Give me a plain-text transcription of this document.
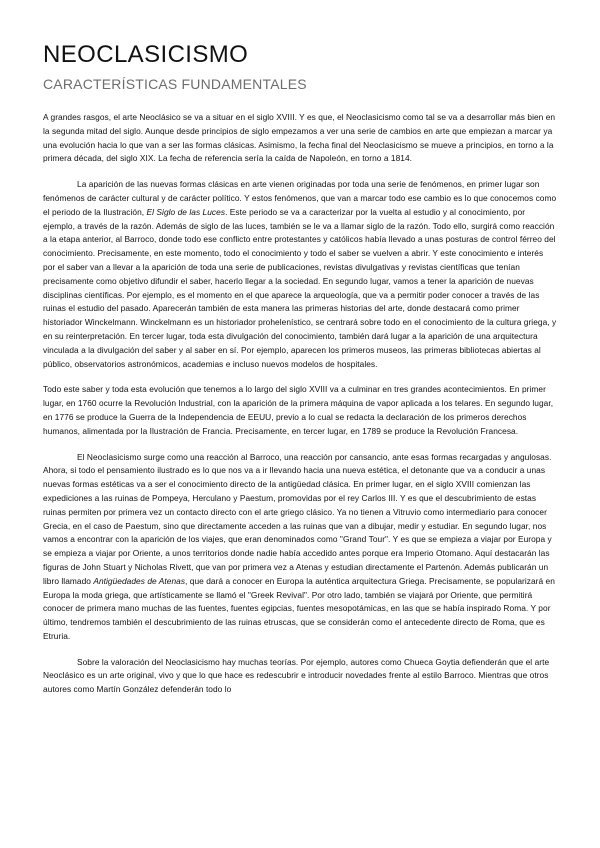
NEOCLASICISMO
CARACTERÍSTICAS FUNDAMENTALES

A grandes rasgos, el arte Neoclásico se va a situar en el siglo XVIII. Y es que, el Neoclasicismo como tal se va a desarrollar más bien en la segunda mitad del siglo. Aunque desde principios de siglo empezamos a ver una serie de cambios en arte que empiezan a marcar ya una evolución hacia lo que van a ser las formas clásicas. Asimismo, la fecha final del Neoclasicismo se mueve a principios, en torno a la primera década, del siglo XIX. La fecha de referencia sería la caída de Napoleón, en torno a 1814.

La aparición de las nuevas formas clásicas en arte vienen originadas por toda una serie de fenómenos, en primer lugar son fenómenos de carácter cultural y de carácter político. Y estos fenómenos, que van a marcar todo ese cambio es lo que conocemos como el periodo de la Ilustración, El Siglo de las Luces. Este periodo se va a caracterizar por la vuelta al estudio y al conocimiento, por ejemplo, a través de la razón. Además de siglo de las luces, también se le va a llamar siglo de la razón. Todo ello, surgirá como reacción a la etapa anterior, al Barroco, donde todo ese conflicto entre protestantes y católicos había llevado a unas posturas de control férreo del conocimiento. Precisamente, en este momento, todo el conocimiento y todo el saber se vuelven a abrir. Y este conocimiento e interés por el saber van a llevar a la aparición de toda una serie de publicaciones, revistas divulgativas y revistas científicas que tenían precisamente como objetivo difundir el saber, hacerlo llegar a la sociedad. En segundo lugar, vamos a tener la aparición de nuevas disciplinas científicas. Por ejemplo, es el momento en el que aparece la arqueología, que va a permitir poder conocer a través de las ruinas el estudio del pasado. Aparecerán también de esta manera las primeras historias del arte, donde destacará como primer historiador Winckelmann. Winckelmann es un historiador prohelenístico, se centrará sobre todo en el conocimiento de la cultura griega, y en su reinterpretación. En tercer lugar, toda esta divulgación del conocimiento, también dará lugar a la aparición de una arquitectura vinculada a la divulgación del saber y al saber en sí. Por ejemplo, aparecen los primeros museos, las primeras bibliotecas abiertas al público, observatorios astronómicos, academias e incluso nuevos modelos de hospitales.

Todo este saber y toda esta evolución que tenemos a lo largo del siglo XVIII va a culminar en tres grandes acontecimientos. En primer lugar, en 1760 ocurre la Revolución Industrial, con la aparición de la primera máquina de vapor aplicada a los telares. En segundo lugar, en 1776 se produce la Guerra de la Independencia de EEUU, previo a lo cual se redacta la declaración de los primeros derechos humanos, alimentada por la Ilustración de Francia. Precisamente, en tercer lugar, en 1789 se produce la Revolución Francesa.

El Neoclasicismo surge como una reacción al Barroco, una reacción por cansancio, ante esas formas recargadas y angulosas. Ahora, si todo el pensamiento ilustrado es lo que nos va a ir llevando hacia una nueva estética, el detonante que va a conducir a unas nuevas formas estéticas va a ser el conocimiento directo de la antigüedad clásica. En primer lugar, en el siglo XVIII comienzan las expediciones a las ruinas de Pompeya, Herculano y Paestum, promovidas por el rey Carlos III. Y es que el descubrimiento de estas ruinas permiten por primera vez un contacto directo con el arte griego clásico. Ya no tienen a Vitruvio como intermediario para conocer Grecia, en el caso de Paestum, sino que directamente acceden a las ruinas que van a dibujar, medir y estudiar. En segundo lugar, nos vamos a encontrar con la aparición de los viajes, que eran denominados como "Grand Tour". Y es que se empieza a viajar por Europa y se empieza a viajar por Oriente, a unos territorios donde nadie había accedido antes porque era Imperio Otomano. Aquí destacarán las figuras de John Stuart y Nicholas Rivett, que van por primera vez a Atenas y estudian directamente el Partenón. Además publicarán un libro llamado Antigüedades de Atenas, que dará a conocer en Europa la auténtica arquitectura Griega. Precisamente, se popularizará en Europa la moda griega, que artísticamente se llamó el "Greek Revival". Por otro lado, también se viajará por Oriente, que permitirá conocer de primera mano muchas de las fuentes, fuentes egipcias, fuentes mesopotámicas, en las que se había inspirado Roma. Y por último, tendremos también el descubrimiento de las ruinas etruscas, que se considerán como el antecedente directo de Roma, que es Etruria.

Sobre la valoración del Neoclasicismo hay muchas teorías. Por ejemplo, autores como Chueca Goytia defienderán que el arte Neoclásico es un arte original, vivo y que lo que hace es redescubrir e introducir novedades frente al estilo Barroco. Mientras que otros autores como Martín González defenderán todo lo
